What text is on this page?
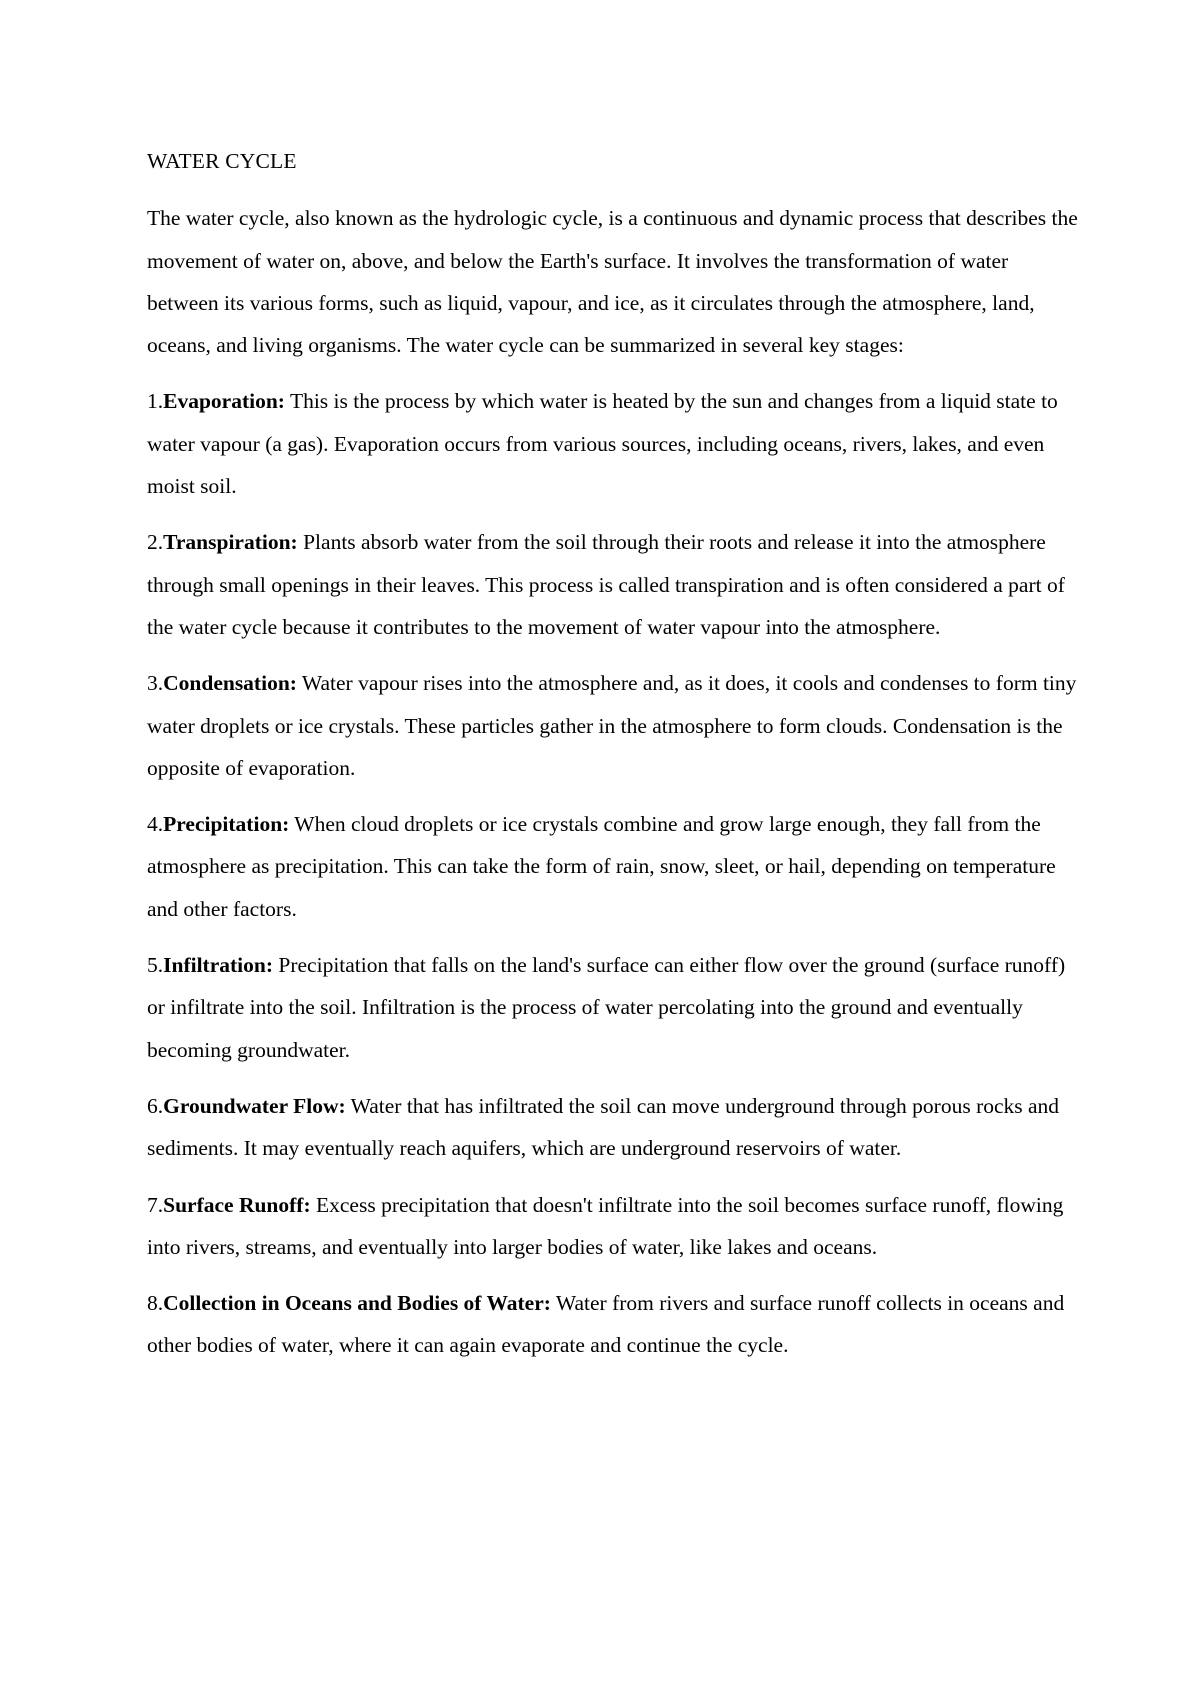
WATER CYCLE

The water cycle, also known as the hydrologic cycle, is a continuous and dynamic process that describes the movement of water on, above, and below the Earth's surface. It involves the transformation of water between its various forms, such as liquid, vapour, and ice, as it circulates through the atmosphere, land, oceans, and living organisms. The water cycle can be summarized in several key stages:

1.Evaporation: This is the process by which water is heated by the sun and changes from a liquid state to water vapour (a gas). Evaporation occurs from various sources, including oceans, rivers, lakes, and even moist soil.

2.Transpiration: Plants absorb water from the soil through their roots and release it into the atmosphere through small openings in their leaves. This process is called transpiration and is often considered a part of the water cycle because it contributes to the movement of water vapour into the atmosphere.

3.Condensation: Water vapour rises into the atmosphere and, as it does, it cools and condenses to form tiny water droplets or ice crystals. These particles gather in the atmosphere to form clouds. Condensation is the opposite of evaporation.

4.Precipitation: When cloud droplets or ice crystals combine and grow large enough, they fall from the atmosphere as precipitation. This can take the form of rain, snow, sleet, or hail, depending on temperature and other factors.

5.Infiltration: Precipitation that falls on the land's surface can either flow over the ground (surface runoff) or infiltrate into the soil. Infiltration is the process of water percolating into the ground and eventually becoming groundwater.

6.Groundwater Flow: Water that has infiltrated the soil can move underground through porous rocks and sediments. It may eventually reach aquifers, which are underground reservoirs of water.

7.Surface Runoff: Excess precipitation that doesn't infiltrate into the soil becomes surface runoff, flowing into rivers, streams, and eventually into larger bodies of water, like lakes and oceans.

8.Collection in Oceans and Bodies of Water: Water from rivers and surface runoff collects in oceans and other bodies of water, where it can again evaporate and continue the cycle.
